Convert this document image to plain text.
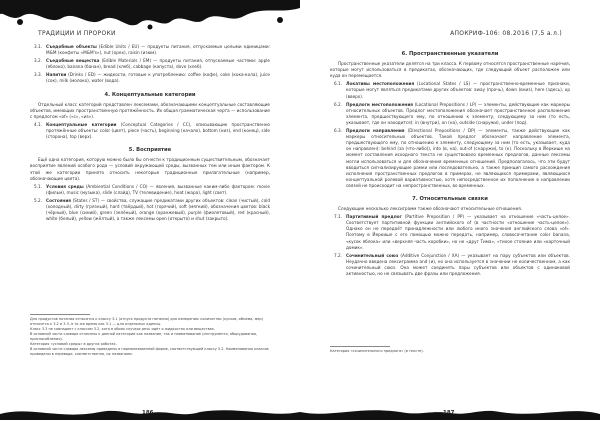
ТРАДИЦИИ И ПРОРОКИ
3.1. Съедобные объекты (Edible Units / EU) — продукты питания, отпускаемые целыми единицами: M&M (конфеты «M&M's»), nut (орех), raisin (изюм).
3.2. Съедобные вещества (Edible Materials / EM) — продукты питания, отпускаемые частями: apple (яблоко), banana (банан), bread (хлеб), cabbage (капуста), dove (хлеб).
3.3. Напитки (Drinks / ED) — жидкости, готовые к употреблению: coffee (кофе), coke (кока-кола), juice (сок), milk (молоко), water (вода).
4. Концептуальные категории
Отдельный класс категорий представлен лексемами, обозначающими концептуальные составляющие объектов, имеющих пространственную протяжённость. Их общая грамматическая черта — использование с предлогом «of» («с», «из»).
4.1. Концептуальные категории (Conceptual Categories / CC), описывающие пространственно протяжённые объекты: color (цвет), piece (часть), beginning (начало), bottom (низ), end (конец), side (сторона), top (верх).
5. Восприятие
Ещё одна категория, которую можно было бы отнести к традиционным существительным, обозначает восприятие явлений особого рода — условий окружающей среды, вызванных тем или иным фактором. К этой же категории принято относить некоторые традиционные прилагательные (например, обозначающие цвета).
5.1. Условия среды (Ambiential Conditions / CO) — явления, вызванные каким-либо фактором: movie (фильм), music (музыка), slide (слайд), TV (телевидение), heat (жара), light (свет).
5.2. Состояния (States / ST) — свойства, служащие предикатами других объектов: clean (чистый), cold (холодный), dirty (грязный), hard (твёрдый), hot (горячий), soft (мягкий), обозначения цветов: black (чёрный), blue (синий), green (зелёный), orange (оранжевый), purple (фиолетовый), red (красный), white (белый), yellow (жёлтый), а также лексемы open (открыто) и shut (закрыто).
Для продуктов питания относится к классу 3.1 (отпуск продукта питания) для измерения: количество (кусков, объема, мер) относится к 3.2 и 3.3, в то же время как 3.1 — для отдельных единиц.
Класс 3.3 не совпадает с классом 3.2, хотя в обоих случаях речь идёт о жидкостях или веществах.
В основной части словаря отнесены к данной категории как название, так и наименование (инструмента, оборудования, приспособления).
Категория «условий среды» в других работах.
В основной части словаря лексемы приведены в нормализованной форме, соответствующей классу 5.2. Наименования классов приведены в переводе, соответственно, их названиям.
186
АПОКРИФ-106: 08.2016 (7,5 а.л.)
6. Пространственные указатели
Пространственные указатели делятся на три класса. К первому относятся пространственные наречия, которые могут использоваться в предикатах, обозначающих, где следующий объект расположен или куда он перемещается.
6.1. Локативы местоположения (Locational States / LS) — пространственно-временные признаки, которые могут являться предикатами других объектов: away (прочь), down (вниз), here (здесь), up (вверх).
6.2. Предлоги местоположения (Locational Prepositions / LP) — элементы, действующие как маркеры относительных объектов. Предлог местоположения обозначает пространственное расположение элемента, предшествующего ему, по отношению к элементу, следующему за ним (то есть, указывает, где он находится): in (внутри), on (на), outside (снаружи), under (под).
6.3. Предлоги направления (Directional Prepositions / DP) — элементы, также действующие как маркеры относительных объектов. Такой предлог обозначает направление элемента, предшествующего ему, по отношению к элементу, следующему за ним (то есть, указывает, куда он направлен): behind (за (что-либо)), into (в, на), out-of (снаружи), to (к). Поскольку в Йеркише на момент составления исходного текста не существовало временных предлогов, данные лексемы могли использоваться и для обозначения временных отношений. Предполагалось, что эти будут вводиться сигнализирующие рамки или последовательно, а также принцип самого расхождения исполнения пространственных предлогов в примерах, не являющихся примерами, являющихся концептуальной ролевой вариативностью, хотя непосредственное их пополнение в направлении связей не происходит на непространственных, во временных.
7. Относительные связки
Следующие несколько лексиграмм также обозначают относительные отношения.
7.1. Партитивный предлог (Partitive Preposition / PP) — указывает на отношение «часть-целое». Соответствует партитивной функции английского of (в частности «отношение часть-целое»). Однако он не передаёт принадлежности или любого иного значения английского слова «of». Поэтому в Йеркише с его помощью можно передать, например, словосочетание color banana, «кусок яблока» или «верхняя часть коробки», но не «друг Тима», «тихое стояние или «карточный домик».
7.2. Сочинительный союз (Additive Conjunction / XA) — указывает на пару субъектов или объектов. Неудачно введена лексиграмма and (и), но она используется в значении не количественном, а как сочинительный союз. Она может соединять пары субъектов или объектов с одинаковой активностью, но не связывать две фразы или предложения.
Категория «сочинительного предлога» (в тексте).
187
